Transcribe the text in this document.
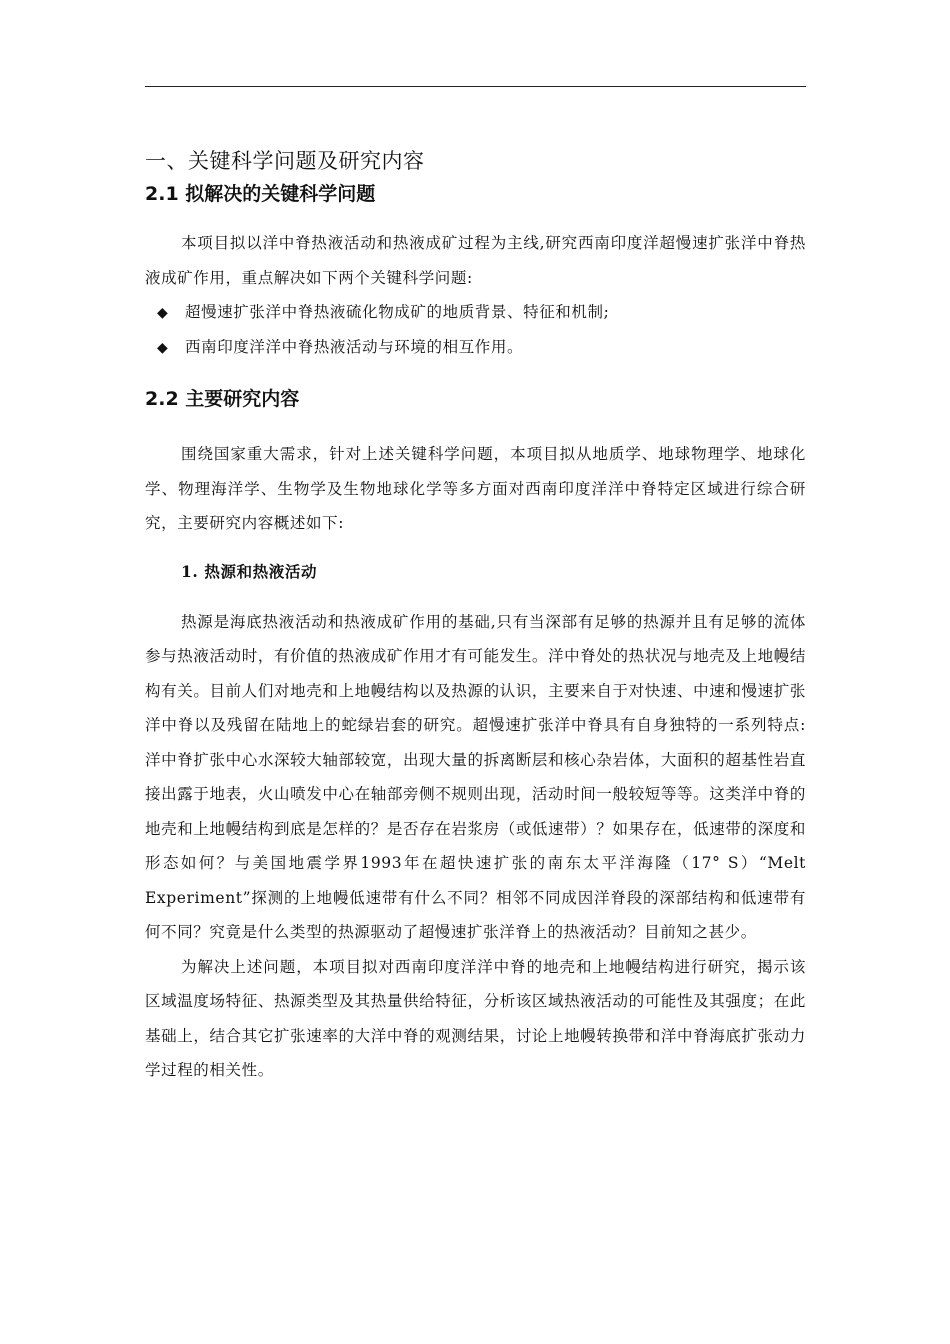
一、关键科学问题及研究内容
2.1 拟解决的关键科学问题

本项目拟以洋中脊热液活动和热液成矿过程为主线,研究西南印度洋超慢速扩张洋中脊热液成矿作用，重点解决如下两个关键科学问题:

◆	超慢速扩张洋中脊热液硫化物成矿的地质背景、特征和机制;
◆	西南印度洋洋中脊热液活动与环境的相互作用。
2.2 主要研究内容

围绕国家重大需求，针对上述关键科学问题，本项目拟从地质学、地球物理学、地球化学、物理海洋学、生物学及生物地球化学等多方面对西南印度洋洋中脊特定区域进行综合研究，主要研究内容概述如下:

1. 热源和热液活动

热源是海底热液活动和热液成矿作用的基础,只有当深部有足够的热源并且有足够的流体参与热液活动时，有价值的热液成矿作用才有可能发生。洋中脊处的热状况与地壳及上地幔结构有关。目前人们对地壳和上地幔结构以及热源的认识，主要来自于对快速、中速和慢速扩张洋中脊以及残留在陆地上的蛇绿岩套的研究。超慢速扩张洋中脊具有自身独特的一系列特点:洋中脊扩张中心水深较大轴部较宽，出现大量的拆离断层和核心杂岩体，大面积的超基性岩直接出露于地表，火山喷发中心在轴部旁侧不规则出现，活动时间一般较短等等。这类洋中脊的地壳和上地幔结构到底是怎样的？是否存在岩浆房（或低速带）？如果存在，低速带的深度和形态如何？与美国地震学界1993年在超快速扩张的南东太平洋海隆（17° S）“Melt Experiment”探测的上地幔低速带有什么不同？相邻不同成因洋脊段的深部结构和低速带有何不同？究竟是什么类型的热源驱动了超慢速扩张洋脊上的热液活动？目前知之甚少。

为解决上述问题，本项目拟对西南印度洋洋中脊的地壳和上地幔结构进行研究，揭示该区域温度场特征、热源类型及其热量供给特征，分析该区域热液活动的可能性及其强度；在此基础上，结合其它扩张速率的大洋中脊的观测结果，讨论上地幔转换带和洋中脊海底扩张动力学过程的相关性。
